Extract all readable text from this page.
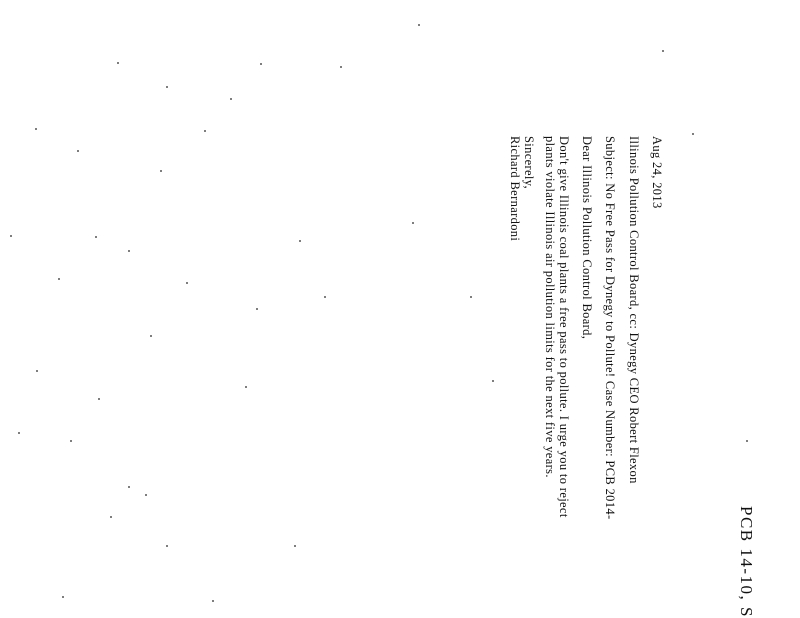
PCB 14-10, S
Aug 24, 2013
Illinois Pollution Control Board, cc: Dynegy CEO Robert Flexon
Subject: No Free Pass for Dynegy to Pollute! Case Number: PCB 2014-
Dear Illinois Pollution Control Board,
Don't give Illinois coal plants a free pass to pollute. I urge you to reject
plants violate Illinois air pollution limits for the next five years.
Sincerely,
Richard Bernardoni
